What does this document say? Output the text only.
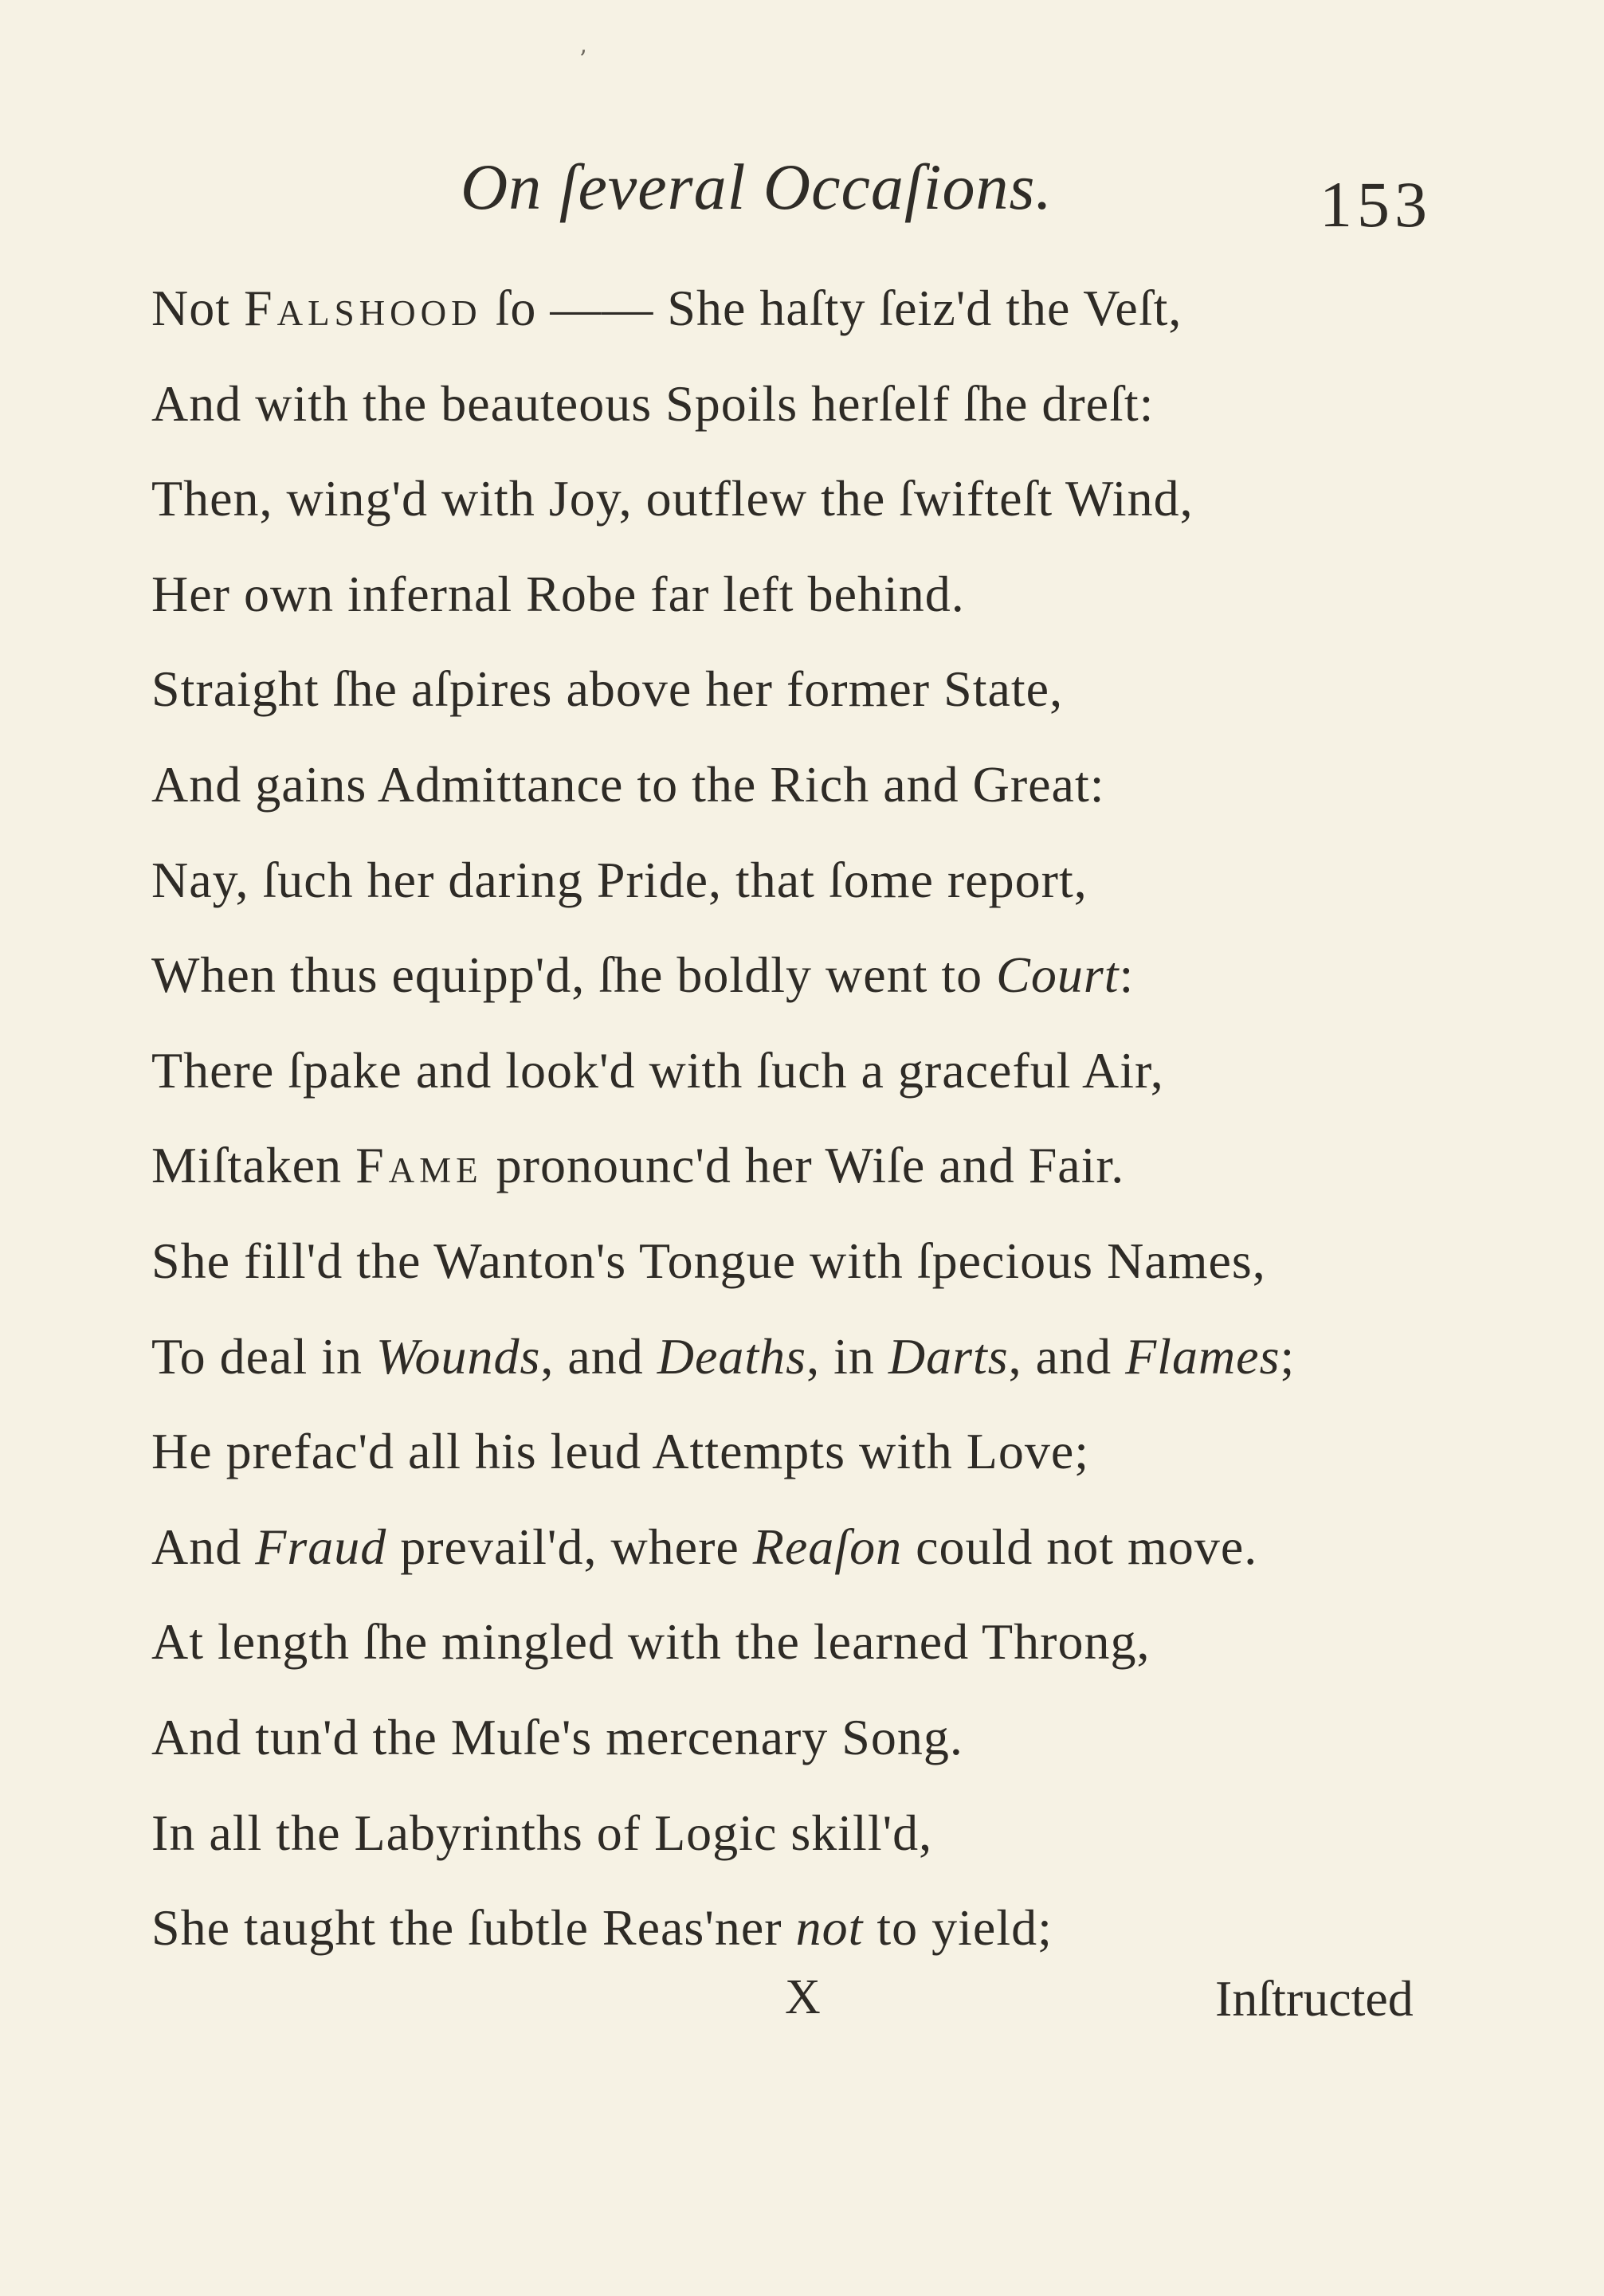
ʼ
On ſeveral Occaſions.	153
Not Falshood ſo —— She haſty ſeiz'd the Veſt,
And with the beauteous Spoils herſelf ſhe dreſt:
Then, wing'd with Joy, outflew the ſwifteſt Wind,
Her own infernal Robe far left behind.
Straight ſhe aſpires above her former State,
And gains Admittance to the Rich and Great:
Nay, ſuch her daring Pride, that ſome report,
When thus equipp'd, ſhe boldly went to Court:
There ſpake and look'd with ſuch a graceful Air,
Miſtaken Fame pronounc'd her Wiſe and Fair.
She fill'd the Wanton's Tongue with ſpecious Names,
To deal in Wounds, and Deaths, in Darts, and Flames;
He prefac'd all his leud Attempts with Love;
And Fraud prevail'd, where Reaſon could not move.
At length ſhe mingled with the learned Throng,
And tun'd the Muſe's mercenary Song.
In all the Labyrinths of Logic skill'd,
She taught the ſubtle Reas'ner not to yield;
X	Inſtructed
